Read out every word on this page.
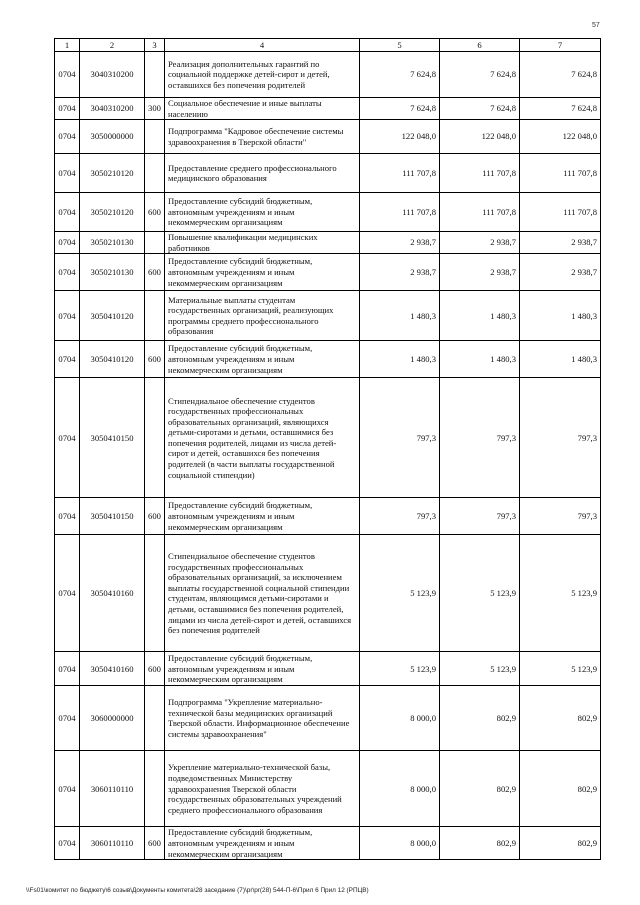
57
1	2	3	4	5	6	7
0704	3040310200		Реализация дополнительных гарантий по социальной поддержке детей-сирот и детей, оставшихся без попечения родителей	7 624,8	7 624,8	7 624,8
0704	3040310200	300	Социальное обеспечение и иные выплаты населению	7 624,8	7 624,8	7 624,8
0704	3050000000		Подпрограмма "Кадровое обеспечение системы здравоохранения в Тверской области"	122 048,0	122 048,0	122 048,0
0704	3050210120		Предоставление среднего профессионального медицинского образования	111 707,8	111 707,8	111 707,8
0704	3050210120	600	Предоставление субсидий бюджетным, автономным учреждениям и иным некоммерческим организациям	111 707,8	111 707,8	111 707,8
0704	3050210130		Повышение квалификации медицинских работников	2 938,7	2 938,7	2 938,7
0704	3050210130	600	Предоставление субсидий бюджетным, автономным учреждениям и иным некоммерческим организациям	2 938,7	2 938,7	2 938,7
0704	3050410120		Материальные выплаты студентам государственных организаций, реализующих программы среднего профессионального образования	1 480,3	1 480,3	1 480,3
0704	3050410120	600	Предоставление субсидий бюджетным, автономным учреждениям и иным некоммерческим организациям	1 480,3	1 480,3	1 480,3
0704	3050410150		Стипендиальное обеспечение студентов государственных профессиональных образовательных организаций, являющихся детьми-сиротами и детьми, оставшимися без попечения родителей, лицами из числа детей-сирот и детей, оставшихся без попечения родителей (в части выплаты государственной социальной стипендии)	797,3	797,3	797,3
0704	3050410150	600	Предоставление субсидий бюджетным, автономным учреждениям и иным некоммерческим организациям	797,3	797,3	797,3
0704	3050410160		Стипендиальное обеспечение студентов государственных профессиональных образовательных организаций, за исключением выплаты государственной социальной стипендии студентам, являющимся детьми-сиротами и детьми, оставшимися без попечения родителей, лицами из числа детей-сирот и детей, оставшихся без попечения родителей	5 123,9	5 123,9	5 123,9
0704	3050410160	600	Предоставление субсидий бюджетным, автономным учреждениям и иным некоммерческим организациям	5 123,9	5 123,9	5 123,9
0704	3060000000		Подпрограмма "Укрепление материально-технической базы медицинских организаций Тверской области. Информационное обеспечение системы здравоохранения"	8 000,0	802,9	802,9
0704	3060110110		Укрепление материально-технической базы, подведомственных Министерству здравоохранения Тверской области государственных образовательных учреждений среднего профессионального образования	8 000,0	802,9	802,9
0704	3060110110	600	Предоставление субсидий бюджетным, автономным учреждениям и иным некоммерческим организациям	8 000,0	802,9	802,9
\\Fs01\комитет по бюджету\6 созыв\Документы комитета\28 заседание (7)\pr\pr(28) 544-П-6\Прил 6 Прил 12 (РПЦВ)
